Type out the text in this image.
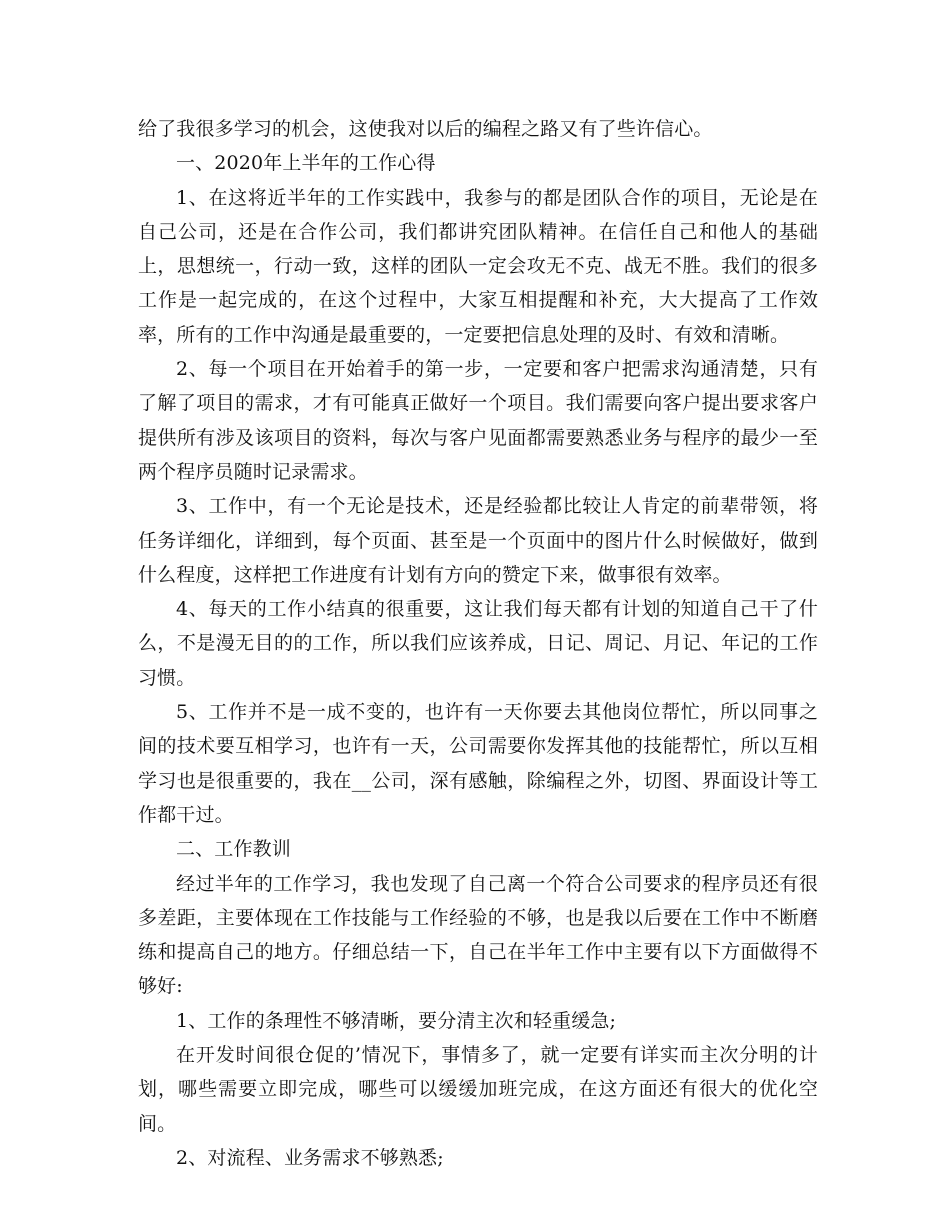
给了我很多学习的机会，这使我对以后的编程之路又有了些许信心。

一、2020年上半年的工作心得

1、在这将近半年的工作实践中，我参与的都是团队合作的项目，无论是在自己公司，还是在合作公司，我们都讲究团队精神。在信任自己和他人的基础上，思想统一，行动一致，这样的团队一定会攻无不克、战无不胜。我们的很多工作是一起完成的，在这个过程中，大家互相提醒和补充，大大提高了工作效率，所有的工作中沟通是最重要的，一定要把信息处理的及时、有效和清晰。

2、每一个项目在开始着手的第一步，一定要和客户把需求沟通清楚，只有了解了项目的需求，才有可能真正做好一个项目。我们需要向客户提出要求客户提供所有涉及该项目的资料，每次与客户见面都需要熟悉业务与程序的最少一至两个程序员随时记录需求。

3、工作中，有一个无论是技术，还是经验都比较让人肯定的前辈带领，将任务详细化，详细到，每个页面、甚至是一个页面中的图片什么时候做好，做到什么程度，这样把工作进度有计划有方向的赞定下来，做事很有效率。

4、每天的工作小结真的很重要，这让我们每天都有计划的知道自己干了什么，不是漫无目的的工作，所以我们应该养成，日记、周记、月记、年记的工作习惯。

5、工作并不是一成不变的，也许有一天你要去其他岗位帮忙，所以同事之间的技术要互相学习，也许有一天，公司需要你发挥其他的技能帮忙，所以互相学习也是很重要的，我在__公司，深有感触，除编程之外，切图、界面设计等工作都干过。

二、工作教训

经过半年的工作学习，我也发现了自己离一个符合公司要求的程序员还有很多差距，主要体现在工作技能与工作经验的不够，也是我以后要在工作中不断磨练和提高自己的地方。仔细总结一下，自己在半年工作中主要有以下方面做得不够好:

1、工作的条理性不够清晰，要分清主次和轻重缓急;

在开发时间很仓促的’情况下，事情多了，就一定要有详实而主次分明的计划，哪些需要立即完成，哪些可以缓缓加班完成，在这方面还有很大的优化空间。

2、对流程、业务需求不够熟悉;
